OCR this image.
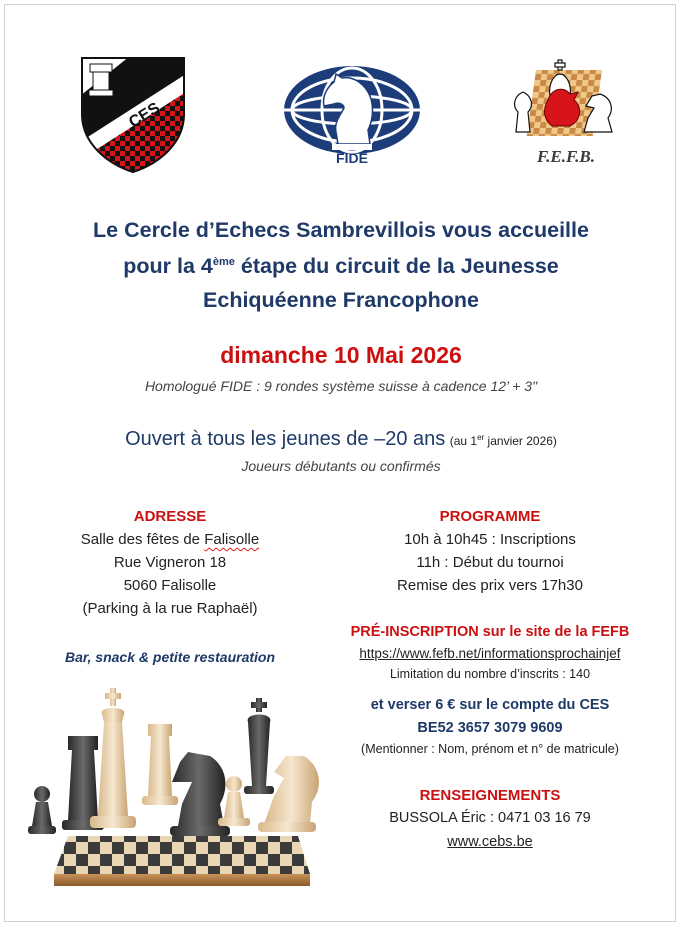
CES
FIDE	F.E.F.B.
Le Cercle d’Echecs Sambrevillois vous accueille
pour la 4ème étape du circuit de la Jeunesse
Echiquéenne Francophone
dimanche 10 Mai 2026
Homologué FIDE : 9 rondes système suisse à cadence 12’ + 3"
Ouvert à tous les jeunes de –20 ans (au 1er janvier 2026)
Joueurs débutants ou confirmés
ADRESSE
Salle des fêtes de Falisolle
Rue Vigneron 18
5060 Falisolle
(Parking à la rue Raphaël)
Bar, snack & petite restauration
PROGRAMME
10h à 10h45 : Inscriptions
11h : Début du tournoi
Remise des prix vers 17h30
PRÉ-INSCRIPTION sur le site de la FEFB
https://www.fefb.net/informationsprochainjef
Limitation du nombre d’inscrits : 140
et verser 6 € sur le compte du CES
BE52 3657 3079 9609
(Mentionner : Nom, prénom et n° de matricule)
RENSEIGNEMENTS
BUSSOLA Éric : 0471 03 16 79
www.cebs.be
